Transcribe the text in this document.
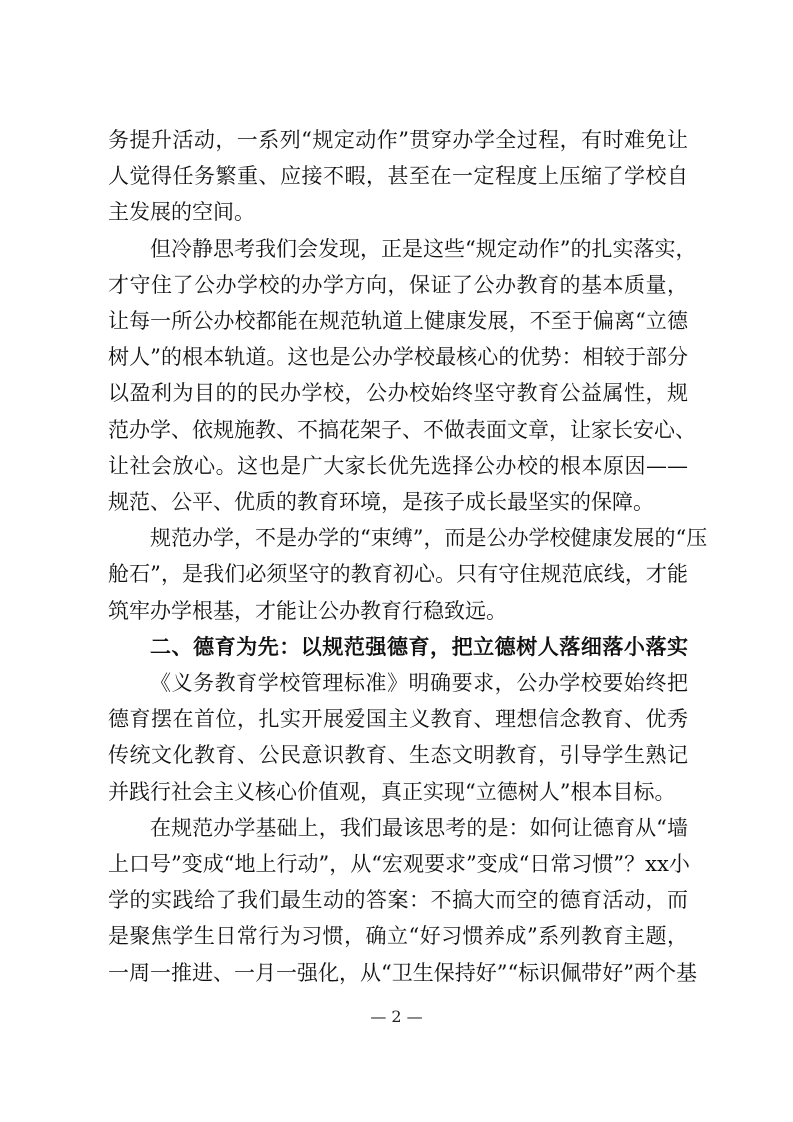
务提升活动，一系列“规定动作”贯穿办学全过程，有时难免让
人觉得任务繁重、应接不暇，甚至在一定程度上压缩了学校自
主发展的空间。
但冷静思考我们会发现，正是这些“规定动作”的扎实落实，
才守住了公办学校的办学方向，保证了公办教育的基本质量，
让每一所公办校都能在规范轨道上健康发展，不至于偏离“立德
树人”的根本轨道。这也是公办学校最核心的优势：相较于部分
以盈利为目的的民办学校，公办校始终坚守教育公益属性，规
范办学、依规施教、不搞花架子、不做表面文章，让家长安心、
让社会放心。这也是广大家长优先选择公办校的根本原因——
规范、公平、优质的教育环境，是孩子成长最坚实的保障。
规范办学，不是办学的“束缚”，而是公办学校健康发展的“压
舱石”，是我们必须坚守的教育初心。只有守住规范底线，才能
筑牢办学根基，才能让公办教育行稳致远。
二、德育为先：以规范强德育，把立德树人落细落小落实
《义务教育学校管理标准》明确要求，公办学校要始终把
德育摆在首位，扎实开展爱国主义教育、理想信念教育、优秀
传统文化教育、公民意识教育、生态文明教育，引导学生熟记
并践行社会主义核心价值观，真正实现“立德树人”根本目标。
在规范办学基础上，我们最该思考的是：如何让德育从“墙
上口号”变成“地上行动”，从“宏观要求”变成“日常习惯”？xx小
学的实践给了我们最生动的答案：不搞大而空的德育活动，而
是聚焦学生日常行为习惯，确立“好习惯养成”系列教育主题，
一周一推进、一月一强化，从“卫生保持好”“标识佩带好”两个基
— 2 —
